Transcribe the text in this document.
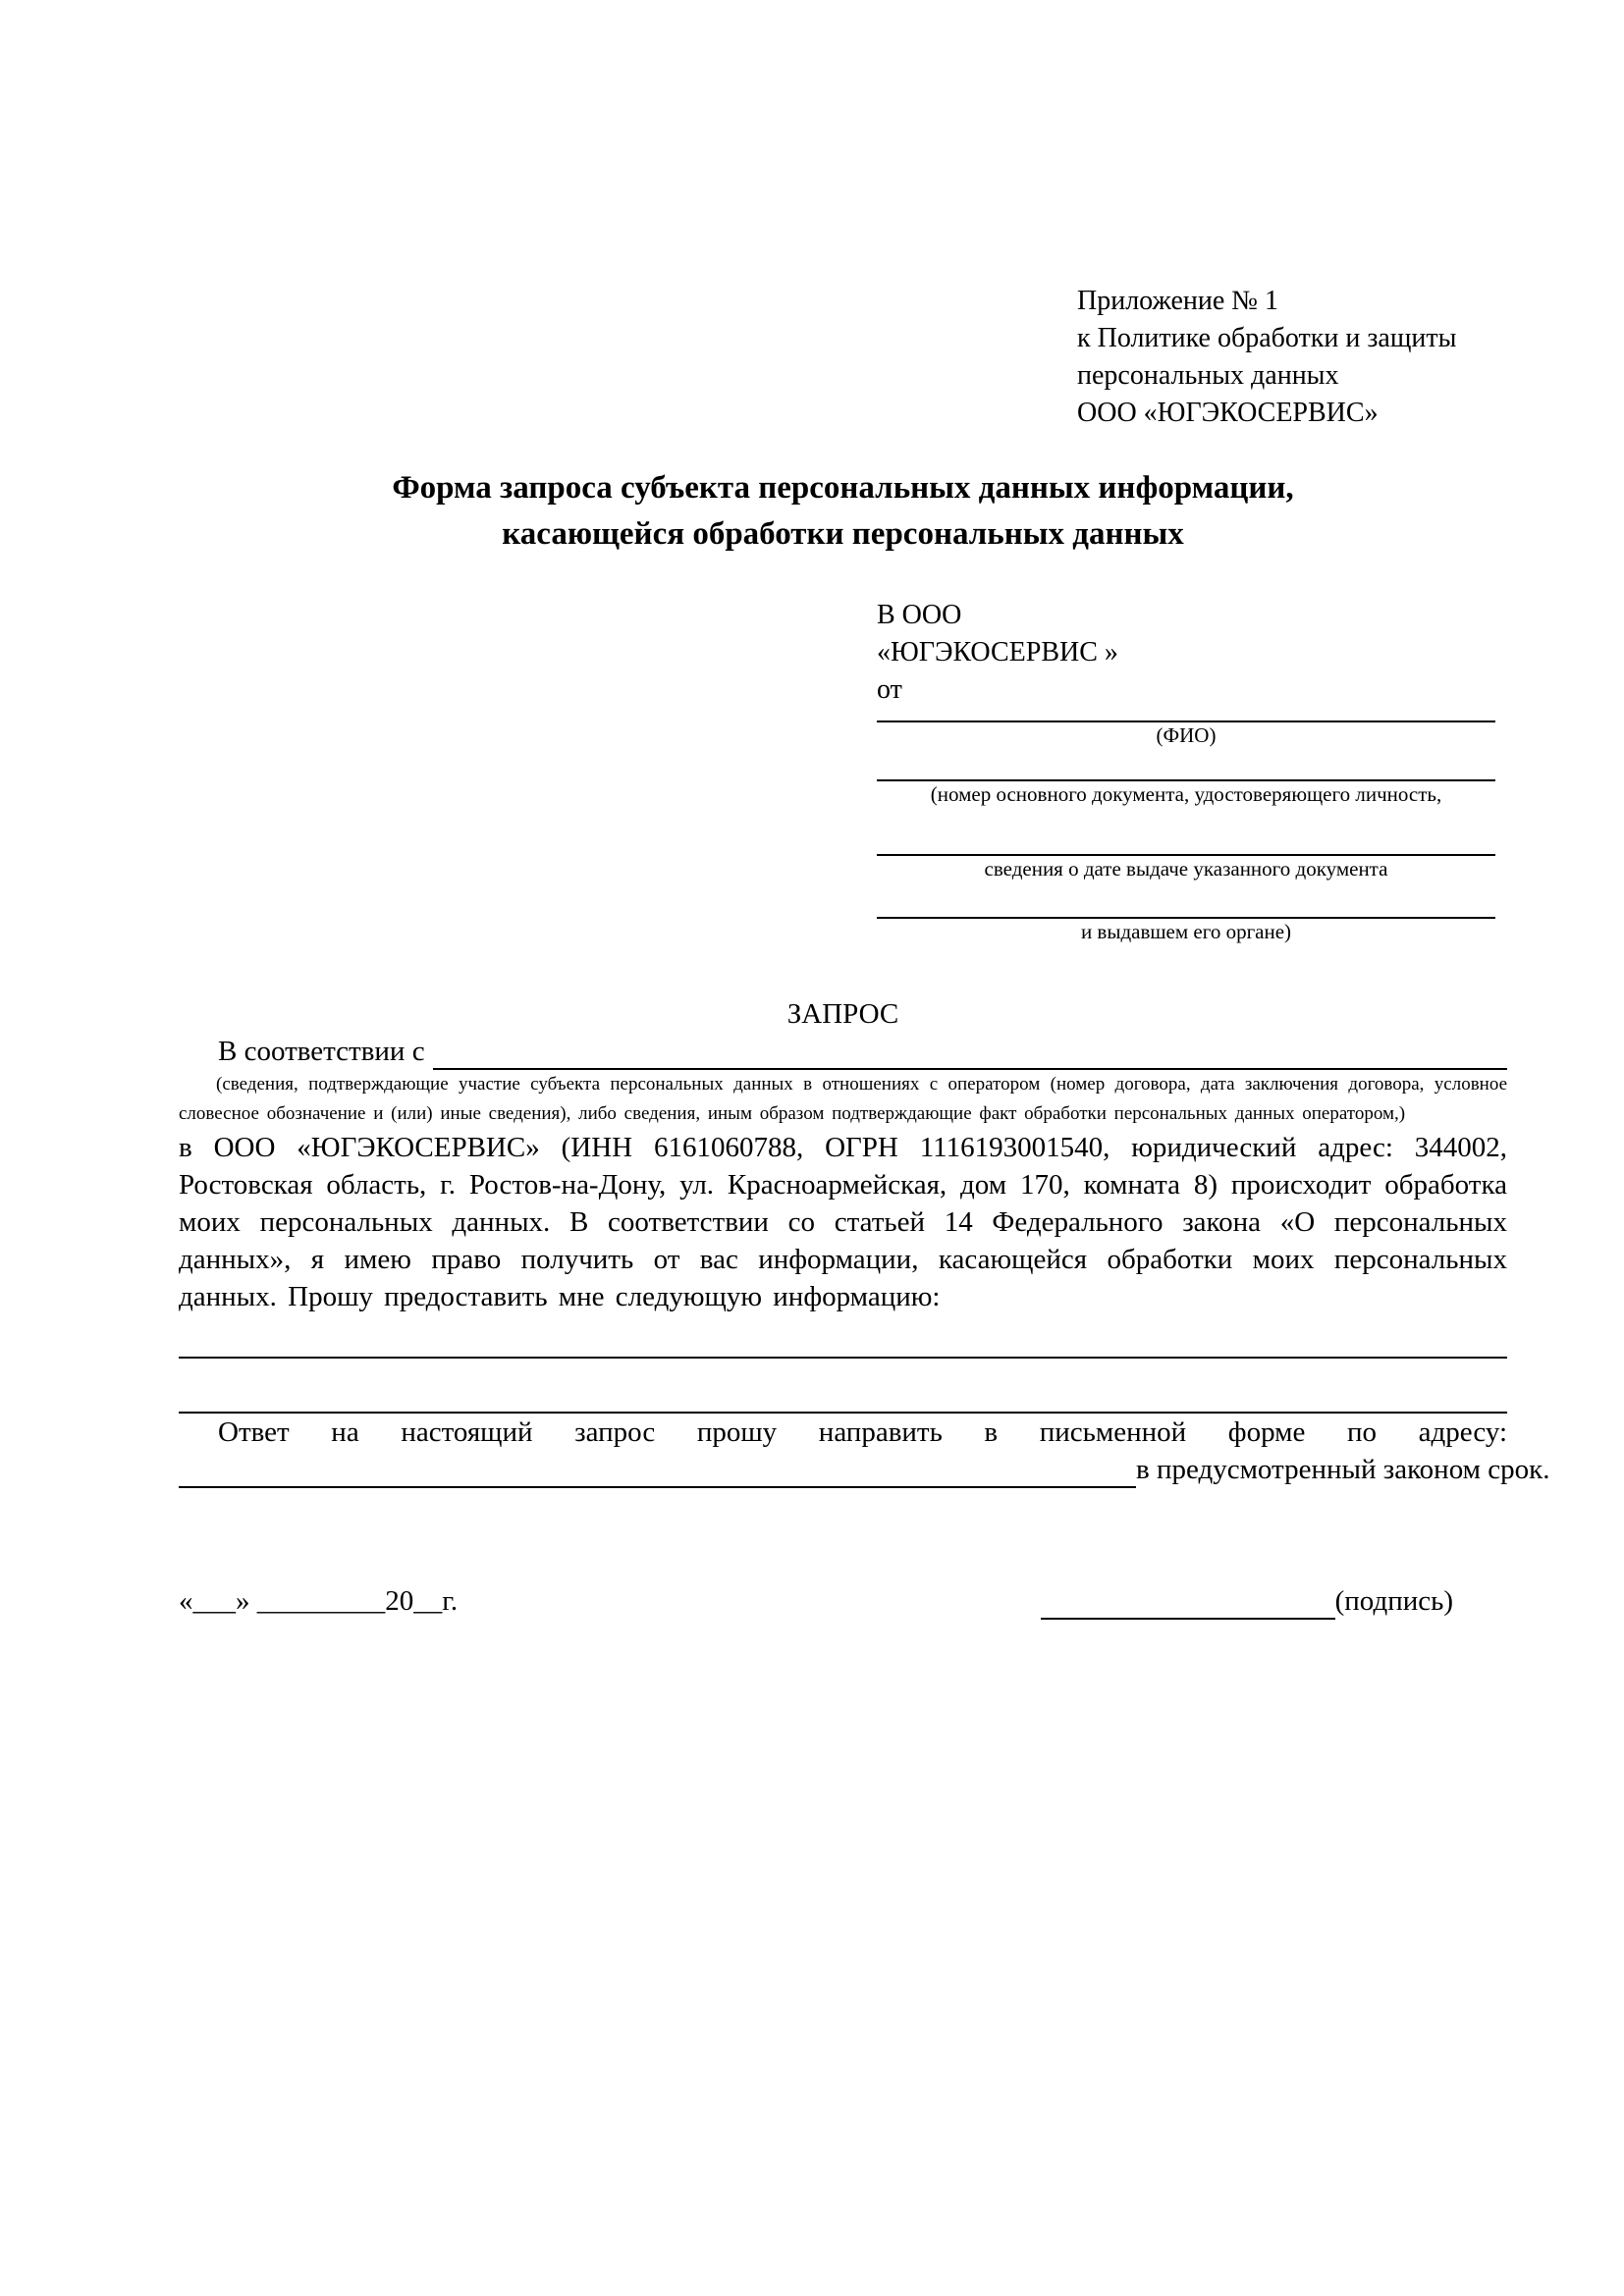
Приложение № 1
к Политике обработки и защиты
персональных данных
ООО «ЮГЭКОСЕРВИС»
Форма запроса субъекта персональных данных информации,
касающейся обработки персональных данных
В ООО
«ЮГЭКОСЕРВИС »
от
(ФИО)
(номер основного документа, удостоверяющего личность,
сведения о дате выдаче указанного документа
и выдавшем его органе)
ЗАПРОС
В соответствии с

(сведения, подтверждающие участие субъекта персональных данных в отношениях с оператором (номер договора, дата заключения договора, условное словесное обозначение и (или) иные сведения), либо сведения, иным образом подтверждающие факт обработки персональных данных оператором,)

в ООО «ЮГЭКОСЕРВИС» (ИНН 6161060788, ОГРН 1116193001540, юридический адрес: 344002, Ростовская область, г. Ростов-на-Дону, ул. Красноармейская, дом 170, комната 8) происходит обработка моих персональных данных. В соответствии со статьей 14 Федерального закона «О персональных данных», я имею право получить от вас информации, касающейся обработки моих персональных данных. Прошу предоставить мне следующую информацию:

Ответ на настоящий запрос прошу направить в письменной форме по адресу:
в предусмотренный законом срок.
«___» _________20__г.	(подпись)
